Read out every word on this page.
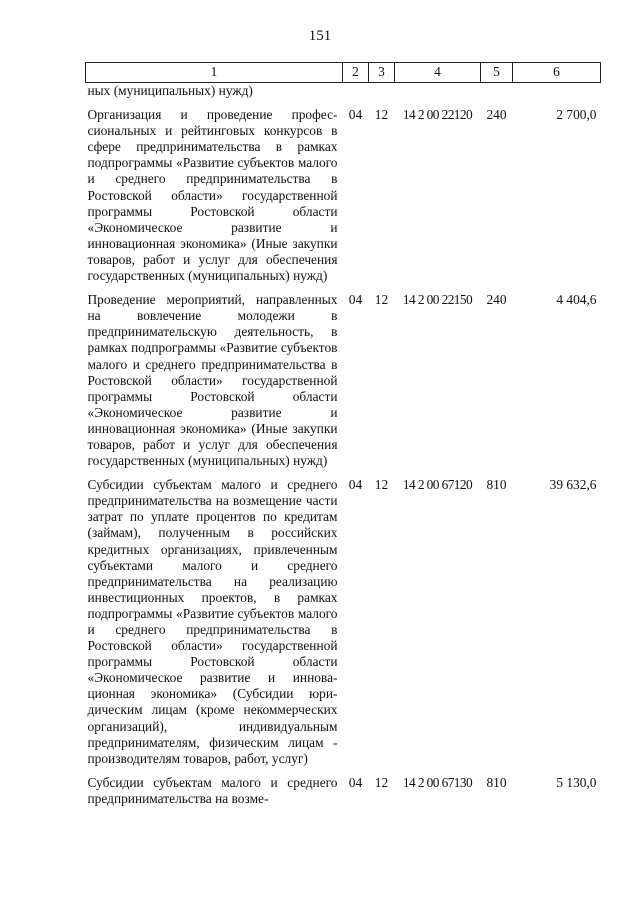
151
1	2	3	4	5	6
ных (муниципальных) нужд)					
Организация и проведение профессиональных и рейтинговых конкурсов в сфере предпринимательства в рамках подпрограммы «Развитие субъектов малого и среднего предпринимательства в Ростовской области» государственной программы Ростовской области «Экономическое развитие и инновационная экономика» (Иные закупки товаров, работ и услуг для обеспечения государственных (муниципальных) нужд)	04	12	14 2 00 22120	240	2 700,0
Проведение мероприятий, направленных на вовлечение молодежи в предпринимательскую деятельность, в рамках подпрограммы «Развитие субъектов малого и среднего предпринимательства в Ростовской области» государственной программы Ростовской области «Экономическое развитие и инновационная экономика» (Иные закупки товаров, работ и услуг для обеспечения государственных (муниципальных) нужд)	04	12	14 2 00 22150	240	4 404,6
Субсидии субъектам малого и среднего предпринимательства на возмещение части затрат по уплате процентов по кредитам (займам), полученным в российских кредитных организациях, привлеченным субъектами малого и среднего предпринимательства на реализацию инвестиционных проектов, в рамках подпрограммы «Развитие субъектов малого и среднего предпринимательства в Ростовской области» государственной программы Ростовской области «Экономическое развитие и инновационная экономика» (Субсидии юридическим лицам (кроме некоммерческих организаций), индивидуальным предпринимателям, физическим лицам - производителям товаров, работ, услуг)	04	12	14 2 00 67120	810	39 632,6
Субсидии субъектам малого и среднего предпринимательства на возме-	04	12	14 2 00 67130	810	5 130,0
